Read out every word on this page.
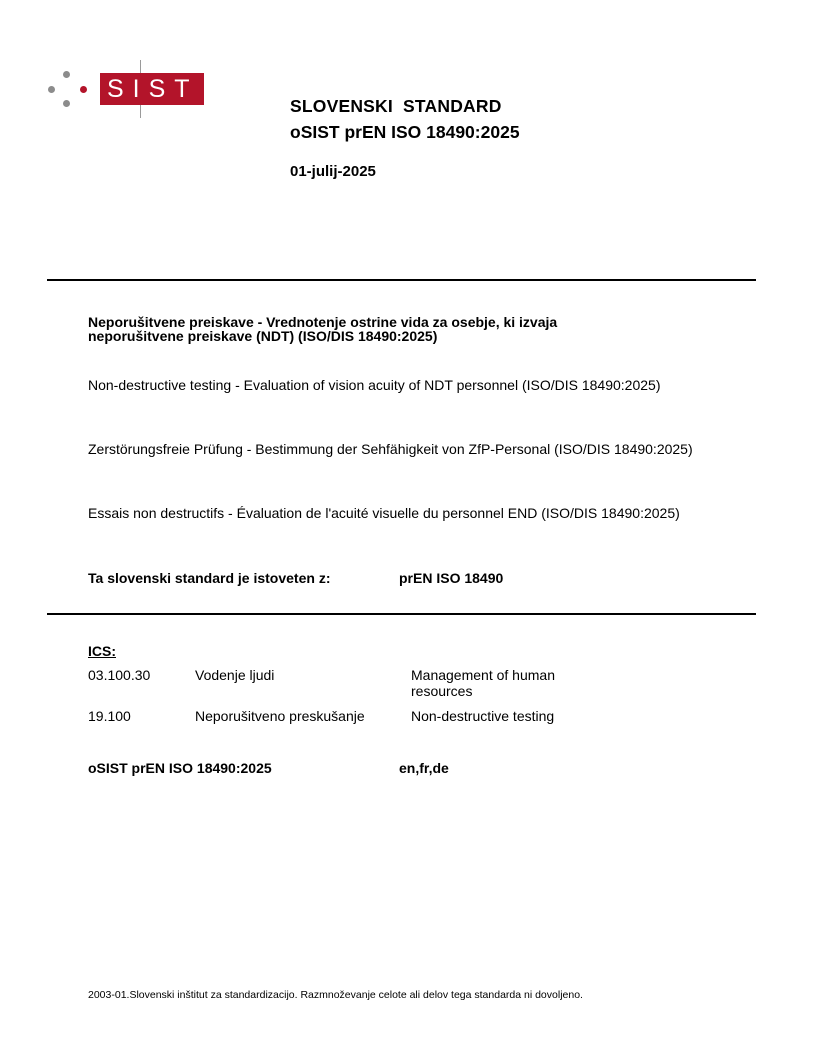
SIST
SLOVENSKI  STANDARD
oSIST prEN ISO 18490:2025
01-julij-2025
Neporušitvene preiskave - Vrednotenje ostrine vida za osebje, ki izvaja neporušitvene preiskave (NDT) (ISO/DIS 18490:2025)
Non-destructive testing - Evaluation of vision acuity of NDT personnel (ISO/DIS 18490:2025)
Zerstörungsfreie Prüfung - Bestimmung der Sehfähigkeit von ZfP-Personal (ISO/DIS 18490:2025)
Essais non destructifs - Évaluation de l'acuité visuelle du personnel END (ISO/DIS 18490:2025)
Ta slovenski standard je istoveten z:	prEN ISO 18490
ICS:
03.100.30	Vodenje ljudi	Management of human resources
19.100	Neporušitveno preskušanje	Non-destructive testing
oSIST prEN ISO 18490:2025	en,fr,de
2003-01.Slovenski inštitut za standardizacijo. Razmnoževanje celote ali delov tega standarda ni dovoljeno.
